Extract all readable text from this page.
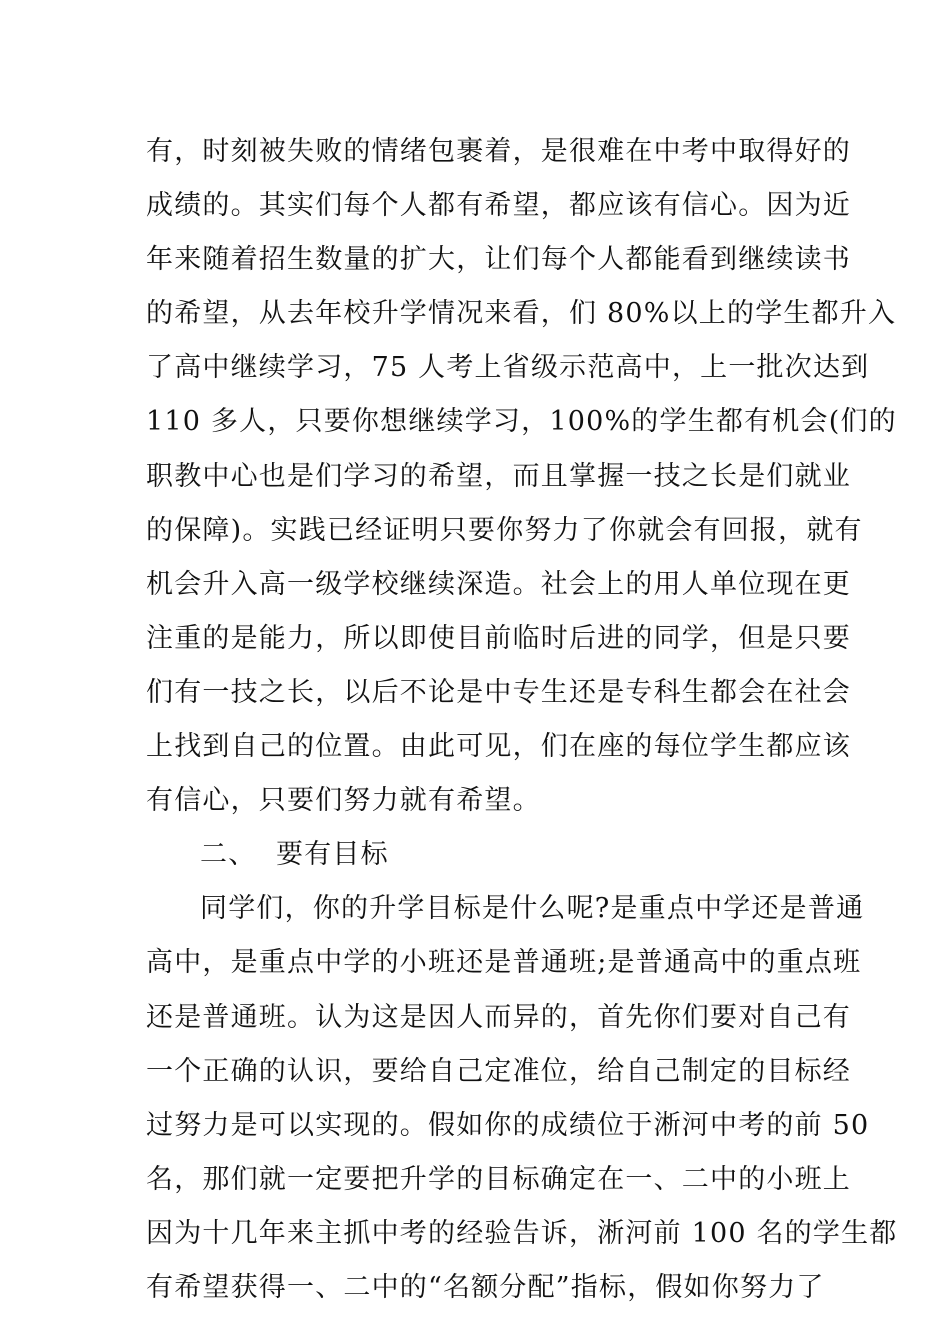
有，时刻被失败的情绪包裹着，是很难在中考中取得好的
成绩的。其实们每个人都有希望，都应该有信心。因为近
年来随着招生数量的扩大，让们每个人都能看到继续读书
的希望，从去年校升学情况来看，们 80%以上的学生都升入
了高中继续学习，75 人考上省级示范高中，上一批次达到
110 多人，只要你想继续学习，100%的学生都有机会(们的
职教中心也是们学习的希望，而且掌握一技之长是们就业
的保障)。实践已经证明只要你努力了你就会有回报，就有
机会升入高一级学校继续深造。社会上的用人单位现在更
注重的是能力，所以即使目前临时后进的同学，但是只要
们有一技之长，以后不论是中专生还是专科生都会在社会
上找到自己的位置。由此可见，们在座的每位学生都应该
有信心，只要们努力就有希望。
二、  要有目标
同学们，你的升学目标是什么呢?是重点中学还是普通
高中，是重点中学的小班还是普通班;是普通高中的重点班
还是普通班。认为这是因人而异的，首先你们要对自己有
一个正确的认识，要给自己定准位，给自己制定的目标经
过努力是可以实现的。假如你的成绩位于淅河中考的前 50
名，那们就一定要把升学的目标确定在一、二中的小班上
因为十几年来主抓中考的经验告诉，淅河前 100 名的学生都
有希望获得一、二中的“名额分配”指标，假如你努力了
